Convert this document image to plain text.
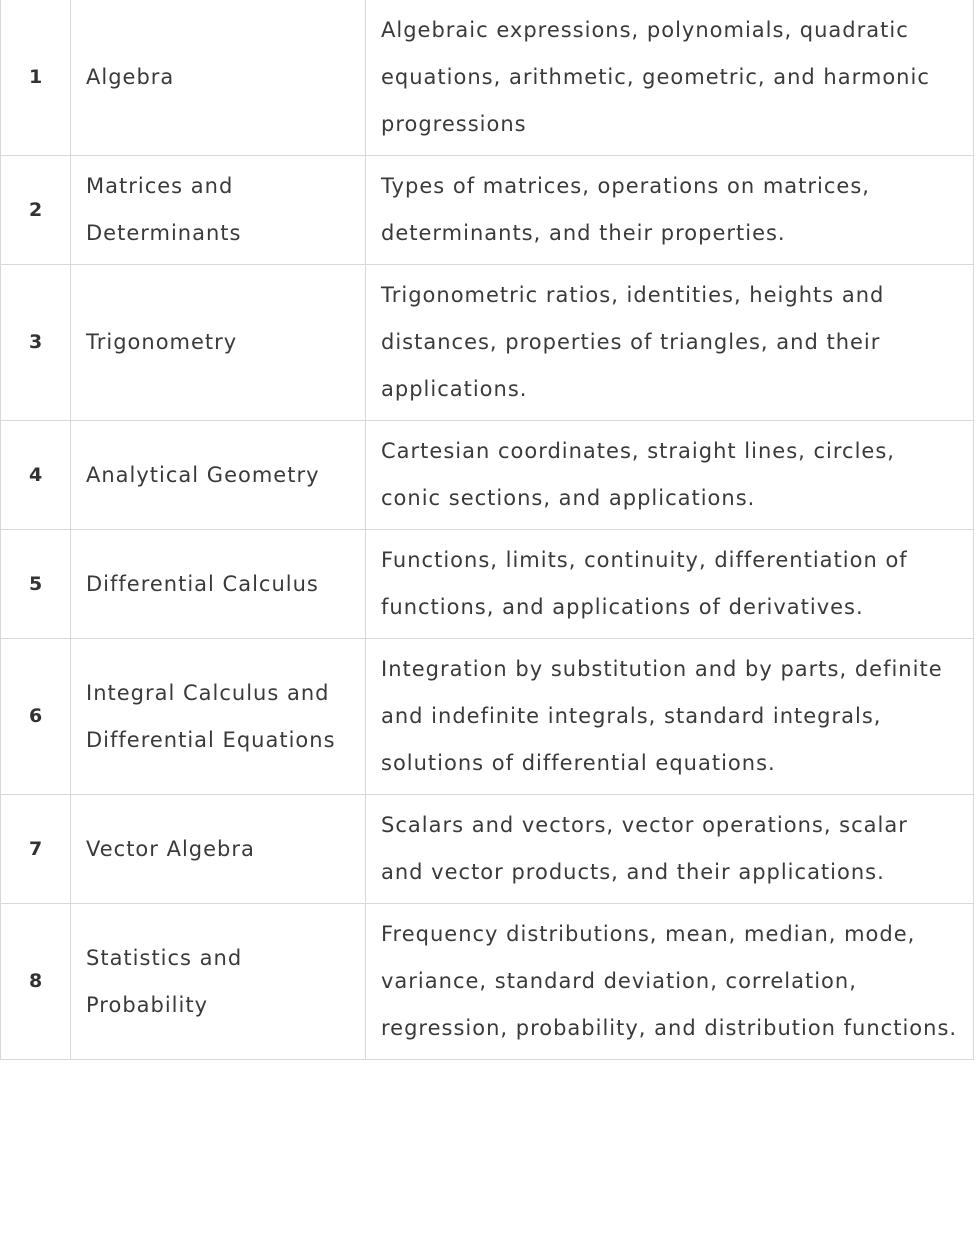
1	Algebra	Algebraic expressions, polynomials, quadratic equations, arithmetic, geometric, and harmonic progressions
2	Matrices and Determinants	Types of matrices, operations on matrices, determinants, and their properties.
3	Trigonometry	Trigonometric ratios, identities, heights and distances, properties of triangles, and their applications.
4	Analytical Geometry	Cartesian coordinates, straight lines, circles, conic sections, and applications.
5	Differential Calculus	Functions, limits, continuity, differentiation of functions, and applications of derivatives.
6	Integral Calculus and Differential Equations	Integration by substitution and by parts, definite and indefinite integrals, standard integrals, solutions of differential equations.
7	Vector Algebra	Scalars and vectors, vector operations, scalar and vector products, and their applications.
8	Statistics and Probability	Frequency distributions, mean, median, mode, variance, standard deviation, correlation, regression, probability, and distribution functions.
